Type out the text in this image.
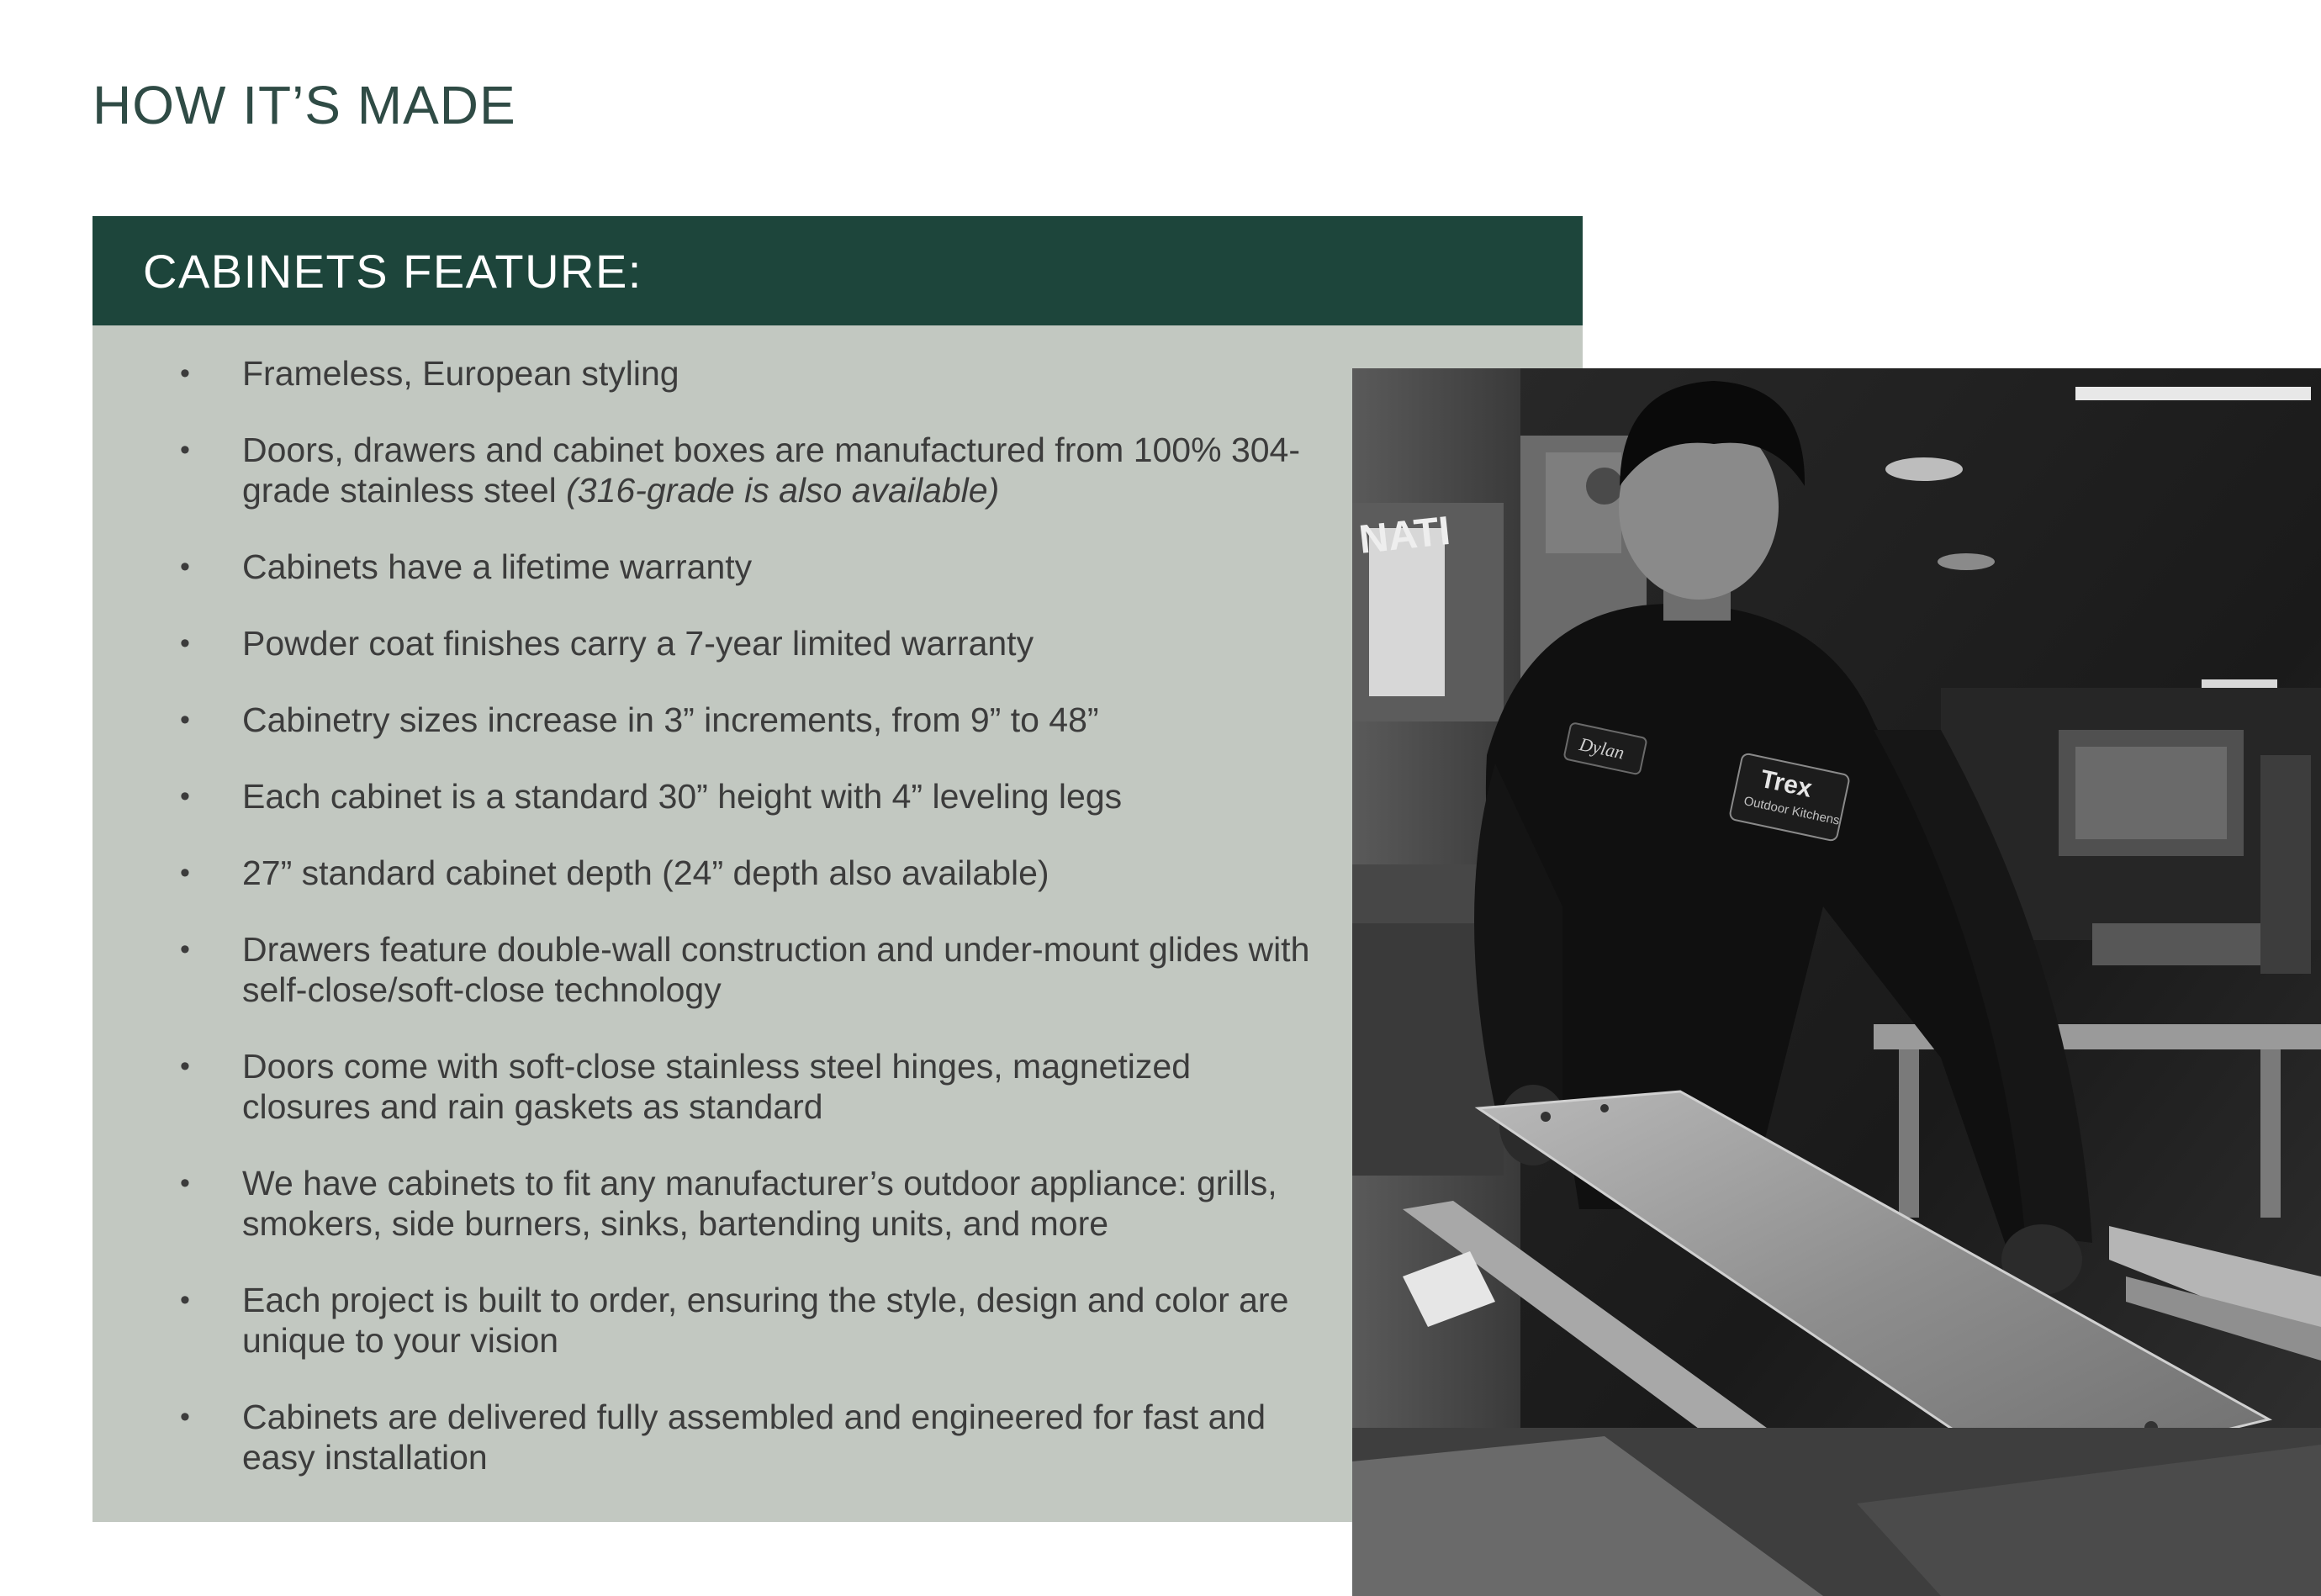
HOW IT’S MADE
CABINETS FEATURE:
• Frameless, European styling
• Doors, drawers and cabinet boxes are manufactured from 100% 304-grade stainless steel (316-grade is also available)
• Cabinets have a lifetime warranty
• Powder coat finishes carry a 7-year limited warranty
• Cabinetry sizes increase in 3” increments, from 9” to 48”
• Each cabinet is a standard 30” height with 4” leveling legs
• 27” standard cabinet depth (24” depth also available)
• Drawers feature double-wall construction and under-mount glides with self-close/soft-close technology
• Doors come with soft-close stainless steel hinges, magnetized closures and rain gaskets as standard
• We have cabinets to fit any manufacturer’s outdoor appliance: grills, smokers, side burners, sinks, bartending units, and more
• Each project is built to order, ensuring the style, design and color are unique to your vision
• Cabinets are delivered fully assembled and engineered for fast and easy installation
NATI
Dylan
Trex
Outdoor Kitchens
